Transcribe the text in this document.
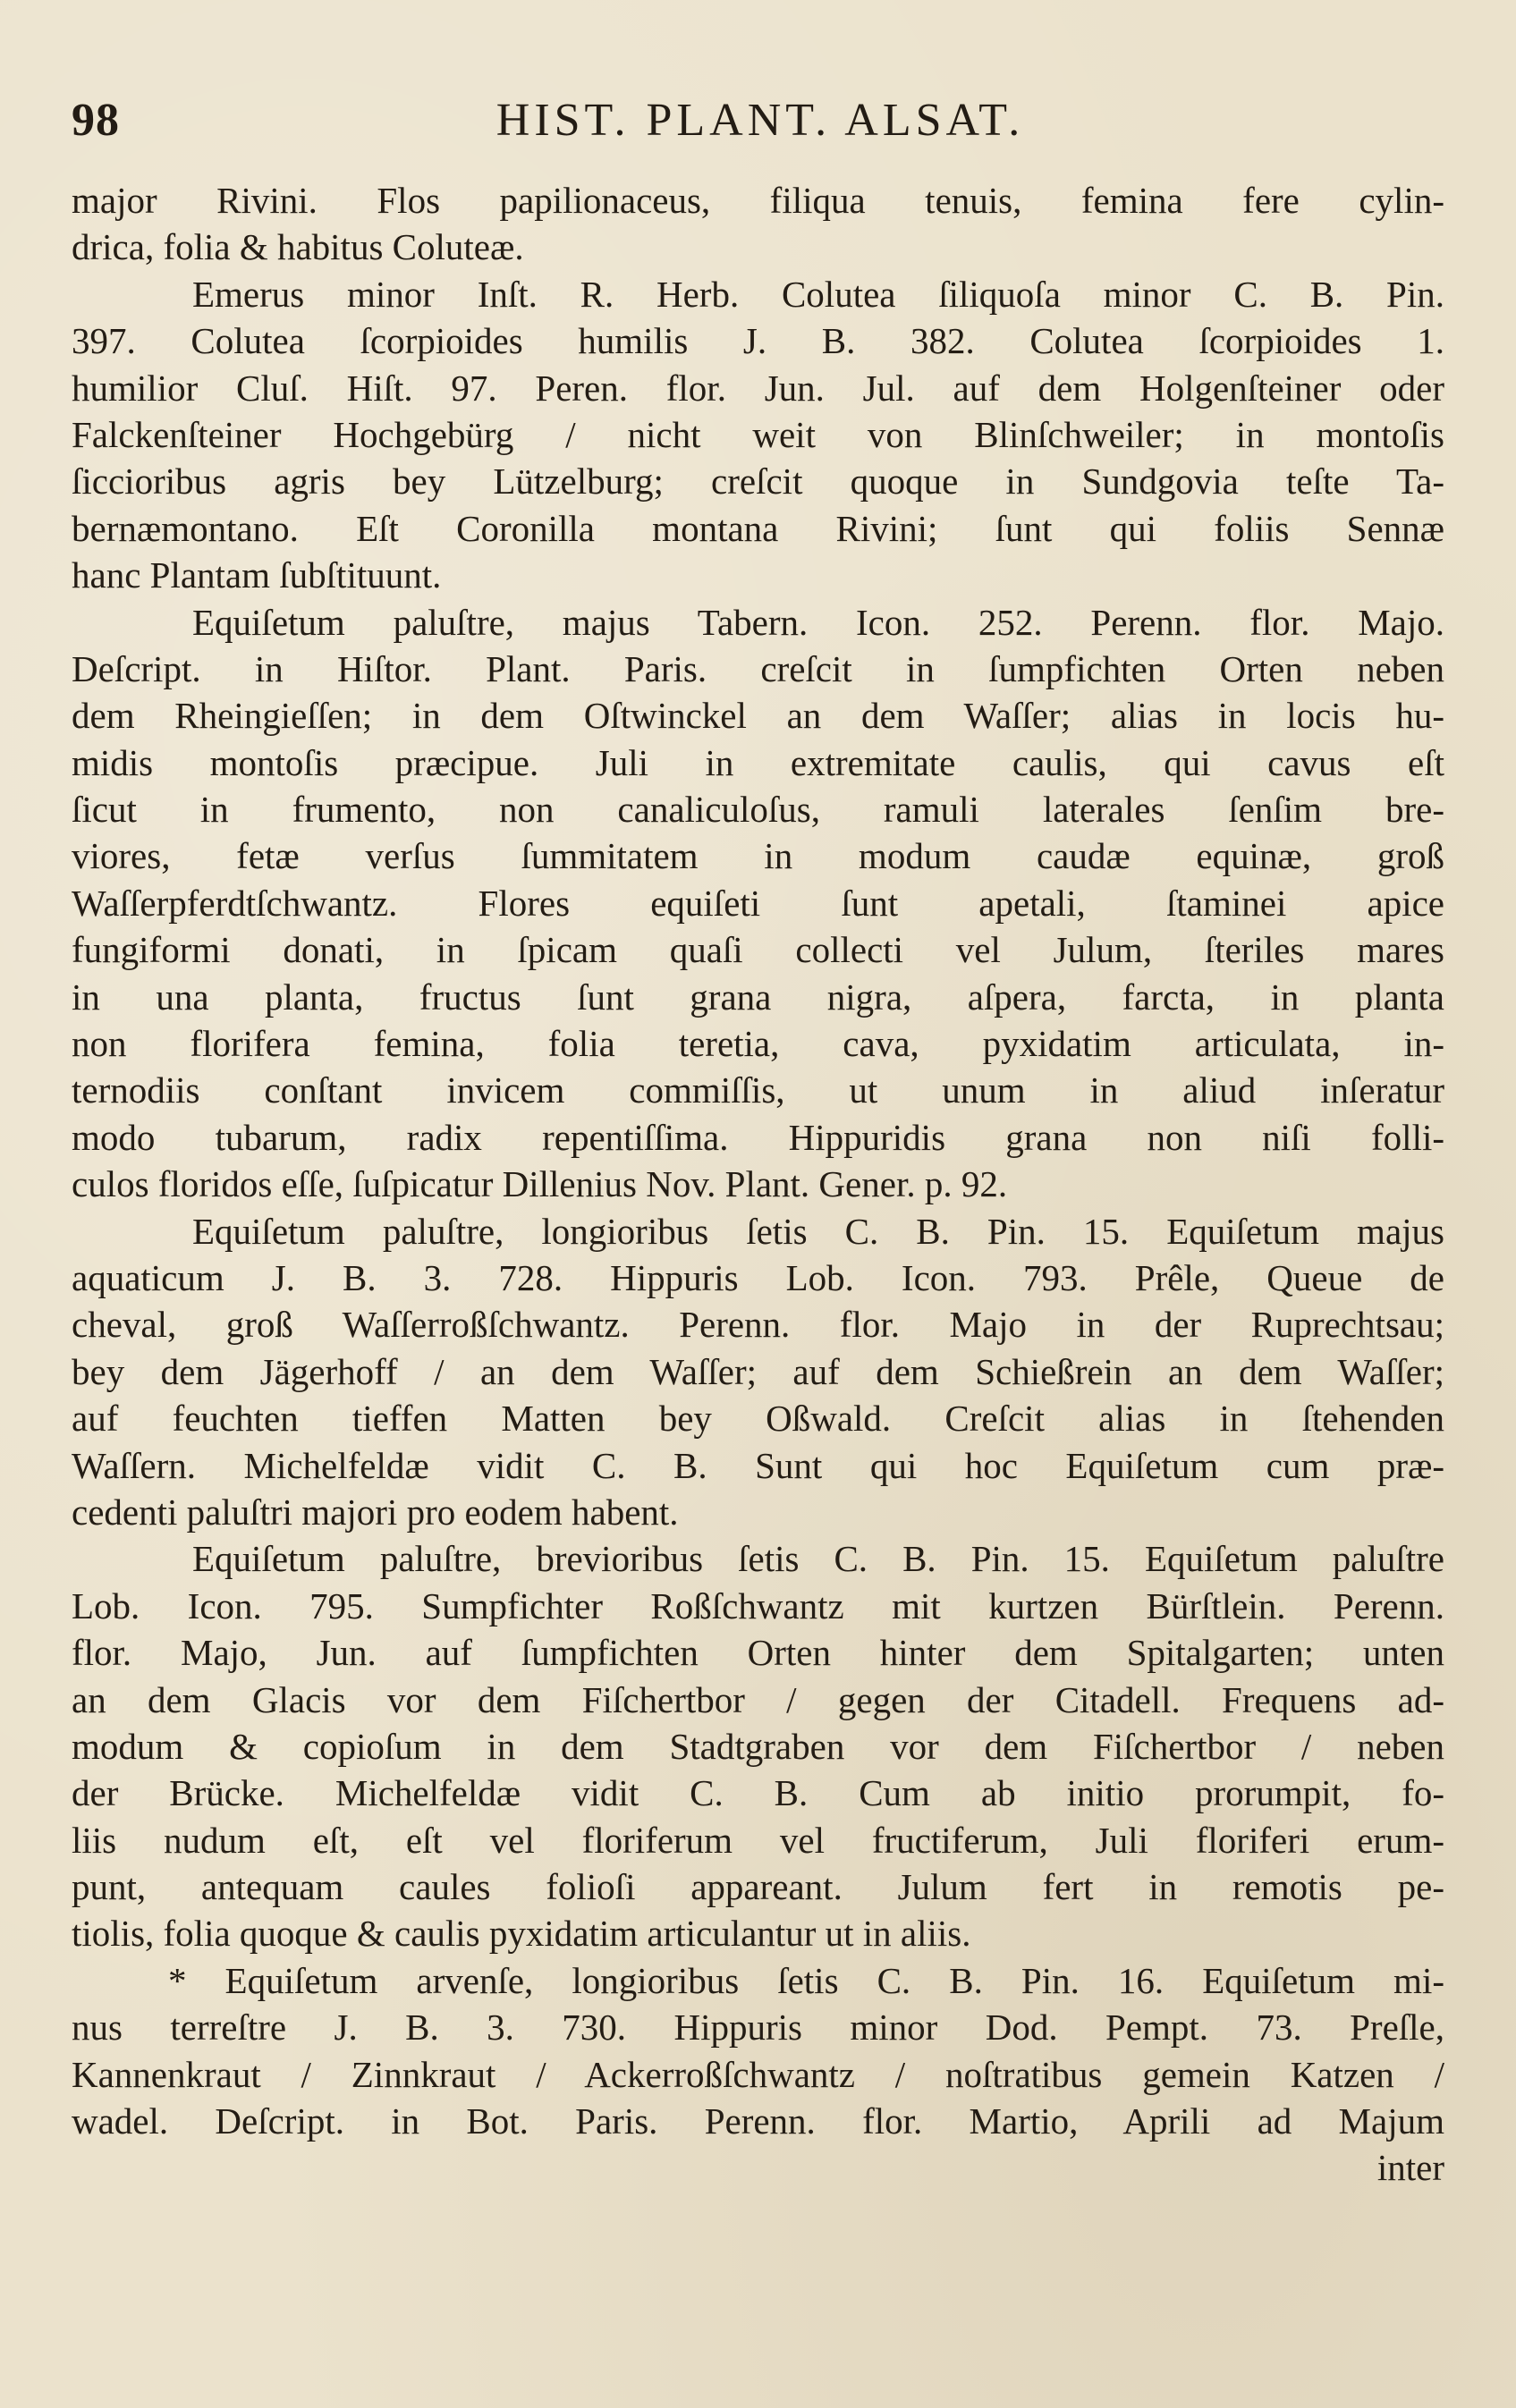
98	HIST. PLANT. ALSAT.
major Rivini. Flos papilionaceus, filiqua tenuis, femina fere cylin-
drica, folia & habitus Coluteæ.
Emerus minor Inſt. R. Herb. Colutea ſiliquoſa minor C. B. Pin.
397. Colutea ſcorpioides humilis J. B. 382. Colutea ſcorpioides 1.
humilior Cluſ. Hiſt. 97. Peren. flor. Jun. Jul. auf dem Holgenſteiner oder
Falckenſteiner Hochgebürg / nicht weit von Blinſchweiler; in montoſis
ſiccioribus agris bey Lützelburg; creſcit quoque in Sundgovia teſte Ta-
bernæmontano. Eſt Coronilla montana Rivini; ſunt qui foliis Sennæ
hanc Plantam ſubſtituunt.
Equiſetum paluſtre, majus Tabern. Icon. 252. Perenn. flor. Majo.
Deſcript. in Hiſtor. Plant. Paris. creſcit in ſumpfichten Orten neben
dem Rheingieſſen; in dem Oſtwinckel an dem Waſſer; alias in locis hu-
midis montoſis præcipue. Juli in extremitate caulis, qui cavus eſt
ſicut in frumento, non canaliculoſus, ramuli laterales ſenſim bre-
viores, fetæ verſus ſummitatem in modum caudæ equinæ, groß
Waſſerpferdtſchwantz. Flores equiſeti ſunt apetali, ſtaminei apice
fungiformi donati, in ſpicam quaſi collecti vel Julum, ſteriles mares
in una planta, fructus ſunt grana nigra, aſpera, farcta, in planta
non florifera femina, folia teretia, cava, pyxidatim articulata, in-
ternodiis conſtant invicem commiſſis, ut unum in aliud inſeratur
modo tubarum, radix repentiſſima. Hippuridis grana non niſi folli-
culos floridos eſſe, ſuſpicatur Dillenius Nov. Plant. Gener. p. 92.
Equiſetum paluſtre, longioribus ſetis C. B. Pin. 15. Equiſetum majus
aquaticum J. B. 3. 728. Hippuris Lob. Icon. 793. Prêle, Queue de
cheval, groß Waſſerroßſchwantz. Perenn. flor. Majo in der Ruprechtsau;
bey dem Jägerhoff / an dem Waſſer; auf dem Schießrein an dem Waſſer;
auf feuchten tieffen Matten bey Oßwald. Creſcit alias in ſtehenden
Waſſern. Michelfeldæ vidit C. B. Sunt qui hoc Equiſetum cum præ-
cedenti paluſtri majori pro eodem habent.
Equiſetum paluſtre, brevioribus ſetis C. B. Pin. 15. Equiſetum paluſtre
Lob. Icon. 795. Sumpfichter Roßſchwantz mit kurtzen Bürſtlein. Perenn.
flor. Majo, Jun. auf ſumpfichten Orten hinter dem Spitalgarten; unten
an dem Glacis vor dem Fiſchertbor / gegen der Citadell. Frequens ad-
modum & copioſum in dem Stadtgraben vor dem Fiſchertbor / neben
der Brücke. Michelfeldæ vidit C. B. Cum ab initio prorumpit, fo-
liis nudum eſt, eſt vel floriferum vel fructiferum, Juli floriferi erum-
punt, antequam caules folioſi appareant. Julum fert in remotis pe-
tiolis, folia quoque & caulis pyxidatim articulantur ut in aliis.
* Equiſetum arvenſe, longioribus ſetis C. B. Pin. 16. Equiſetum mi-
nus terreſtre J. B. 3. 730. Hippuris minor Dod. Pempt. 73. Preſle,
Kannenkraut / Zinnkraut / Ackerroßſchwantz / noſtratibus gemein Katzen /
wadel. Deſcript. in Bot. Paris. Perenn. flor. Martio, Aprili ad Majum
inter
